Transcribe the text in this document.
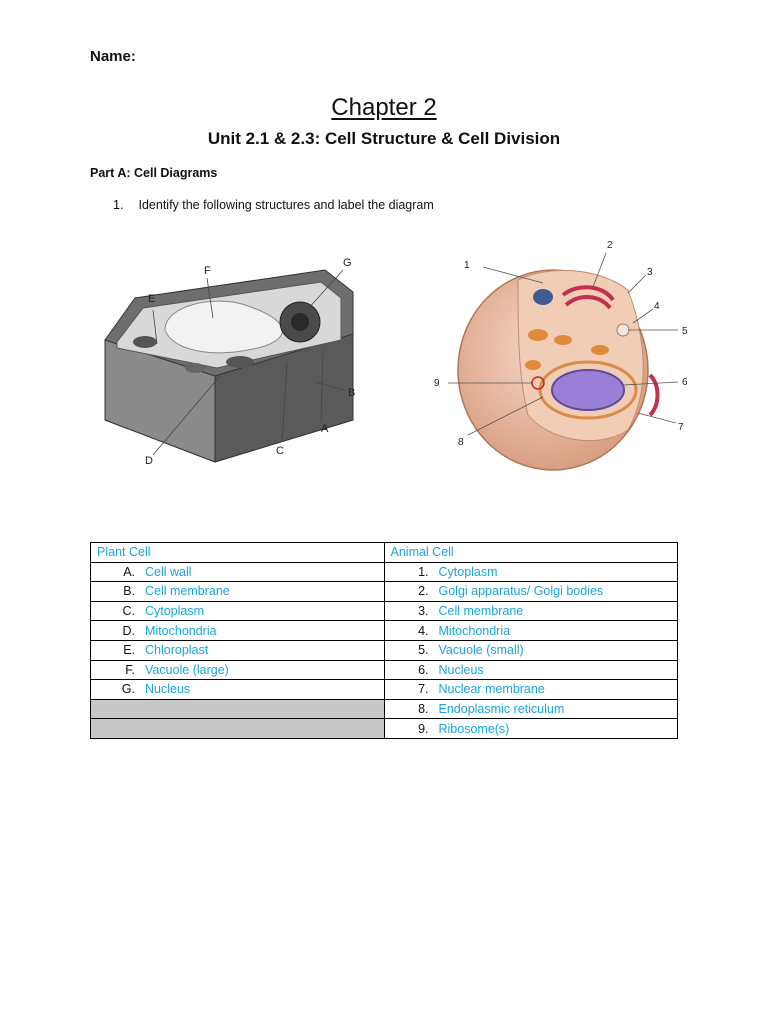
Name:
Chapter 2
Unit 2.1 & 2.3: Cell Structure & Cell Division
Part A: Cell Diagrams
1. Identify the following structures and label the diagram
A
B
C
D
E
F
G	1
2
3
4
5
6
7
8
9
Plant Cell	Animal Cell
A. Cell wall	1. Cytoplasm
B. Cell membrane	2. Golgi apparatus/ Golgi bodies
C. Cytoplasm	3. Cell membrane
D. Mitochondria	4. Mitochondria
E. Chloroplast	5. Vacuole (small)
F. Vacuole (large)	6. Nucleus
G. Nucleus	7. Nuclear membrane
	8. Endoplasmic reticulum
	9. Ribosome(s)
